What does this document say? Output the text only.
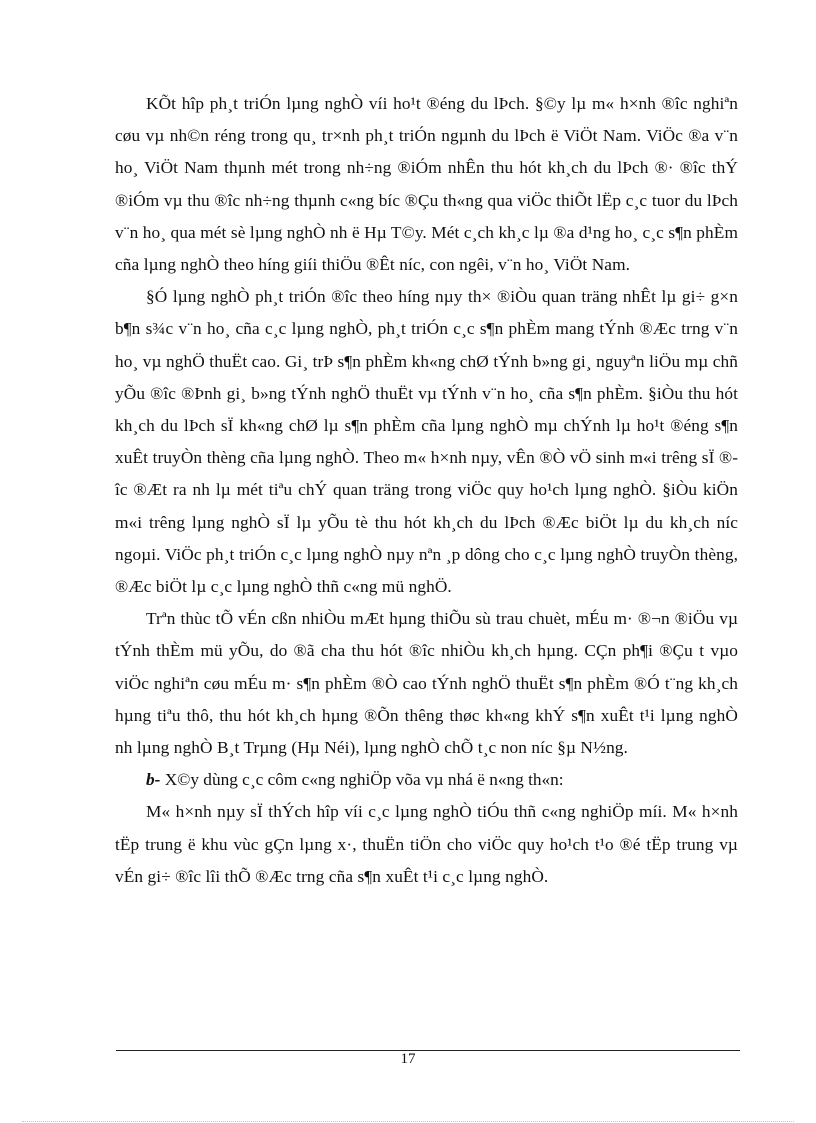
KÕt hîp ph¸t triÓn lµng nghÒ víi ho¹t ®éng du lÞch. §©y lµ m« h×nh ®îc nghiªn cøu vµ nh©n réng trong qu¸ tr×nh ph¸t triÓn ngµnh du lÞch ë ViÖt Nam. ViÖc ®a v¨n ho¸ ViÖt Nam thµnh mét trong nh÷ng ®iÓm nhÊn thu hót kh¸ch du lÞch ®· ®îc thÝ ®iÓm vµ thu ®îc nh÷ng thµnh c«ng bíc ®Çu th«ng qua viÖc thiÕt lËp c¸c tuor du lÞch v¨n ho¸ qua mét sè lµng nghÒ nh ë Hµ T©y. Mét c¸ch kh¸c lµ ®a d¹ng ho¸ c¸c s¶n phÈm cña lµng nghÒ theo híng giíi thiÖu ®Êt níc, con ngêi, v¨n ho¸ ViÖt Nam.

§Ó lµng nghÒ ph¸t triÓn ®îc theo híng nµy th× ®iÒu quan träng nhÊt lµ gi÷ g×n b¶n s¾c v¨n ho¸ cña c¸c lµng nghÒ, ph¸t triÓn c¸c s¶n phÈm mang tÝnh ®Æc trng v¨n ho¸ vµ nghÖ thuËt cao. Gi¸ trÞ s¶n phÈm kh«ng chØ tÝnh b»ng gi¸ nguyªn liÖu mµ chñ yÕu ®îc ®Þnh gi¸ b»ng tÝnh nghÖ thuËt vµ tÝnh v¨n ho¸ cña s¶n phÈm. §iÒu thu hót kh¸ch du lÞch sÏ kh«ng chØ lµ s¶n phÈm cña lµng nghÒ mµ chÝnh lµ ho¹t ®éng s¶n xuÊt truyÒn thèng cña lµng nghÒ. Theo m« h×nh nµy, vÊn ®Ò vÖ sinh m«i trêng sÏ ®îc ®Æt ra nh lµ mét tiªu chÝ quan träng trong viÖc quy ho¹ch lµng nghÒ. §iÒu kiÖn m«i trêng lµng nghÒ sÏ lµ yÕu tè thu hót kh¸ch du lÞch ®Æc biÖt lµ du kh¸ch níc ngoµi. ViÖc ph¸t triÓn c¸c lµng nghÒ nµy nªn ¸p dông cho c¸c lµng nghÒ truyÒn thèng, ®Æc biÖt lµ c¸c lµng nghÒ thñ c«ng mü nghÖ.

Trªn thùc tÕ vÉn cßn nhiÒu mÆt hµng thiÕu sù trau chuèt, mÉu m· ®¬n ®iÖu vµ tÝnh thÈm mü yÕu, do ®ã cha thu hót ®îc nhiÒu kh¸ch hµng. CÇn ph¶i ®Çu t vµo viÖc nghiªn cøu mÉu m· s¶n phÈm ®Ò cao tÝnh nghÖ thuËt s¶n phÈm ®Ó t¨ng kh¸ch hµng tiªu thô, thu hót kh¸ch hµng ®Õn thêng thøc kh«ng khÝ s¶n xuÊt t¹i lµng nghÒ nh lµng nghÒ B¸t Trµng (Hµ Néi), lµng nghÒ chÕ t¸c non níc §µ N½ng.

b- X©y dùng c¸c côm c«ng nghiÖp võa vµ nhá ë n«ng th«n:

M« h×nh nµy sÏ thÝch hîp víi c¸c lµng nghÒ tiÓu thñ c«ng nghiÖp míi. M« h×nh tËp trung ë khu vùc gÇn lµng x·, thuËn tiÖn cho viÖc quy ho¹ch t¹o ®é tËp trung vµ vÉn gi÷ ®îc lîi thÕ ®Æc trng cña s¶n xuÊt t¹i c¸c lµng nghÒ.

17
